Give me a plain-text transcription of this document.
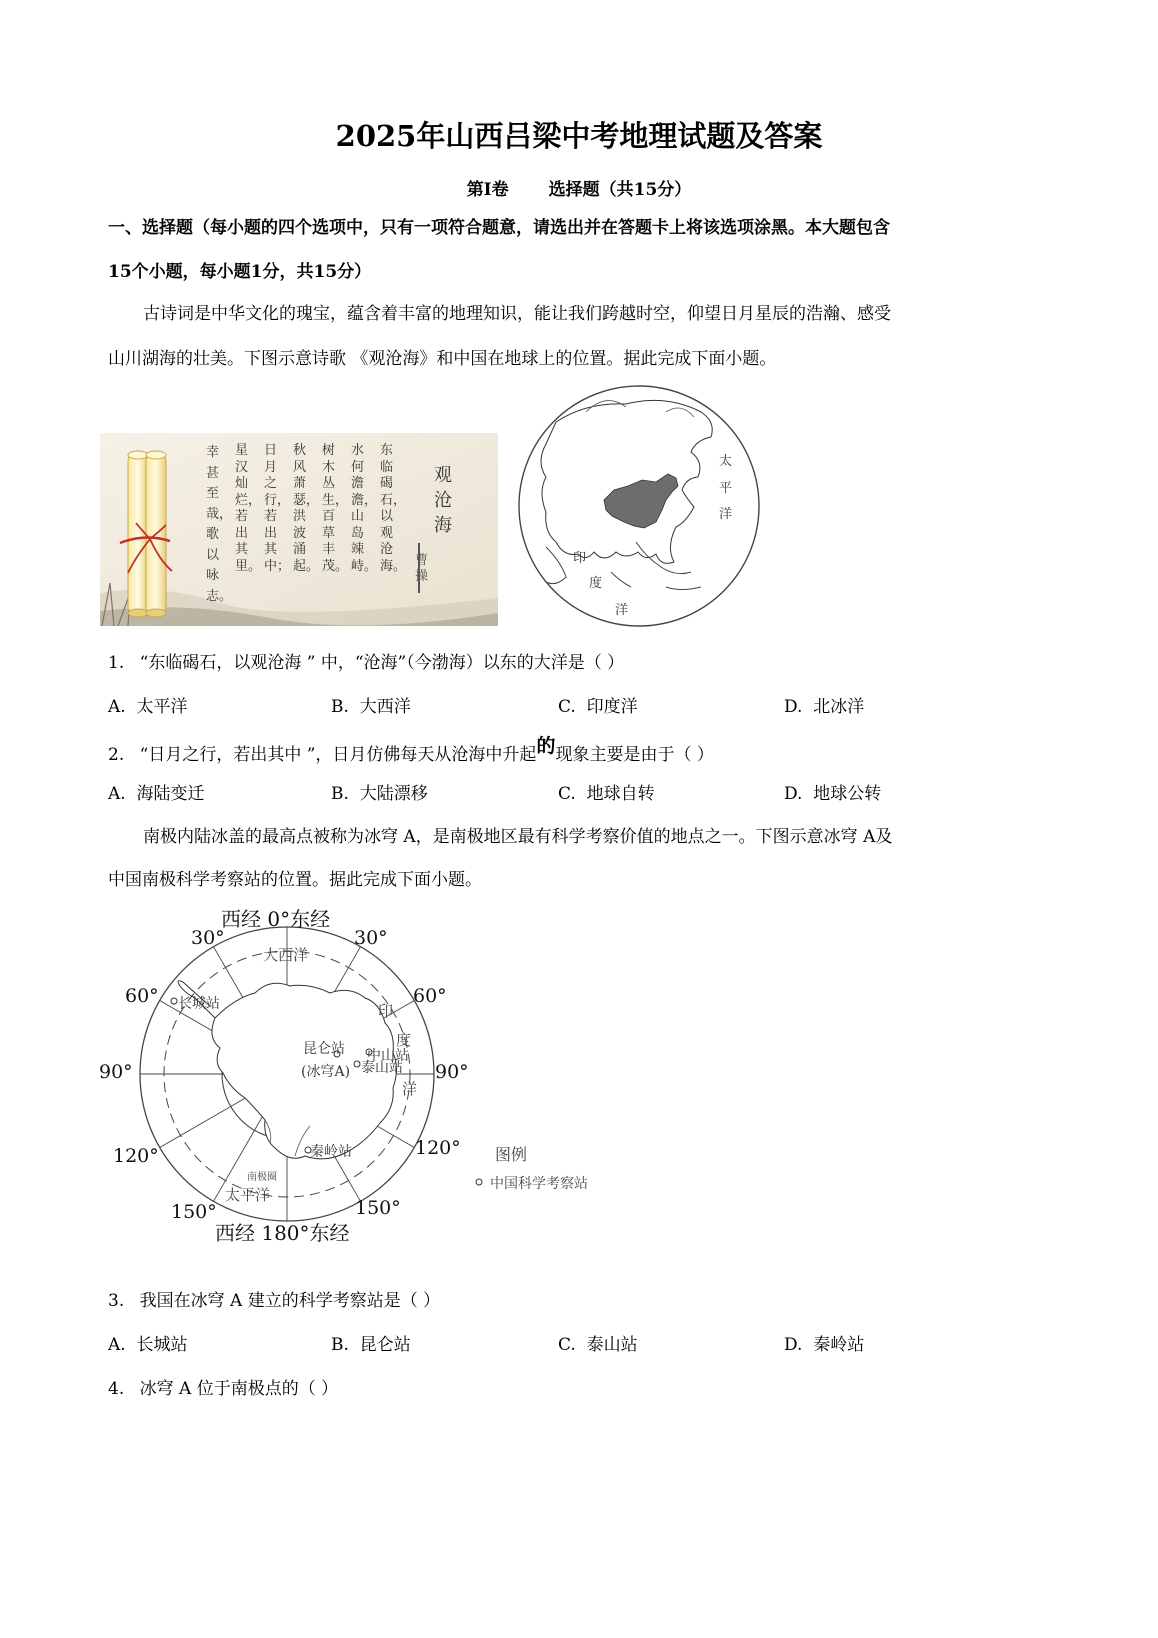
2025年山西吕梁中考地理试题及答案
第Ⅰ卷 选择题（共15分）
一、选择题（每小题的四个选项中，只有一项符合题意，请选出并在答题卡上将该选项涂黑。本大题包含
15个小题，每小题1分，共15分）
古诗词是中华文化的瑰宝，蕴含着丰富的地理知识，能让我们跨越时空，仰望日月星辰的浩瀚、感受
山川湖海的壮美。下图示意诗歌 《观沧海》和中国在地球上的位置。据此完成下面小题。
幸甚至哉，歌以咏志。
星汉灿烂，若出其里。
日月之行，若出其中；
秋风萧瑟，洪波涌起。
树木丛生，百草丰茂。
水何澹澹，山岛竦峙。
东临碣石，以观沧海。
观沧海
曹操
太
平
洋
印
度
洋
1. “东临碣石，以观沧海 ” 中，“沧海”（今渤海）以东的大洋是（ ）
A. 太平洋	B. 大西洋	C. 印度洋	D. 北冰洋
2. “日月之行，若出其中 ”，日月仿佛每天从沧海中升起的现象主要是由于（ ）
A. 海陆变迁	B. 大陆漂移	C. 地球自转	D. 地球公转
南极内陆冰盖的最高点被称为冰穹 A，是南极地区最有科学考察价值的地点之一。下图示意冰穹 A及
中国南极科学考察站的位置。据此完成下面小题。
西经 0°东经
西经 180°东经
30°	30°
60°	60°
90°	90°
120°	120°
150°	150°
大西洋
太平洋
南极圈
印
度
洋
长城站
昆仑站
(冰穹A)
中山站
泰山站
秦岭站	图例
中国科学考察站
3. 我国在冰穹 A 建立的科学考察站是（ ）
A. 长城站	B. 昆仑站	C. 泰山站	D. 秦岭站
4. 冰穹 A 位于南极点的（ ）
